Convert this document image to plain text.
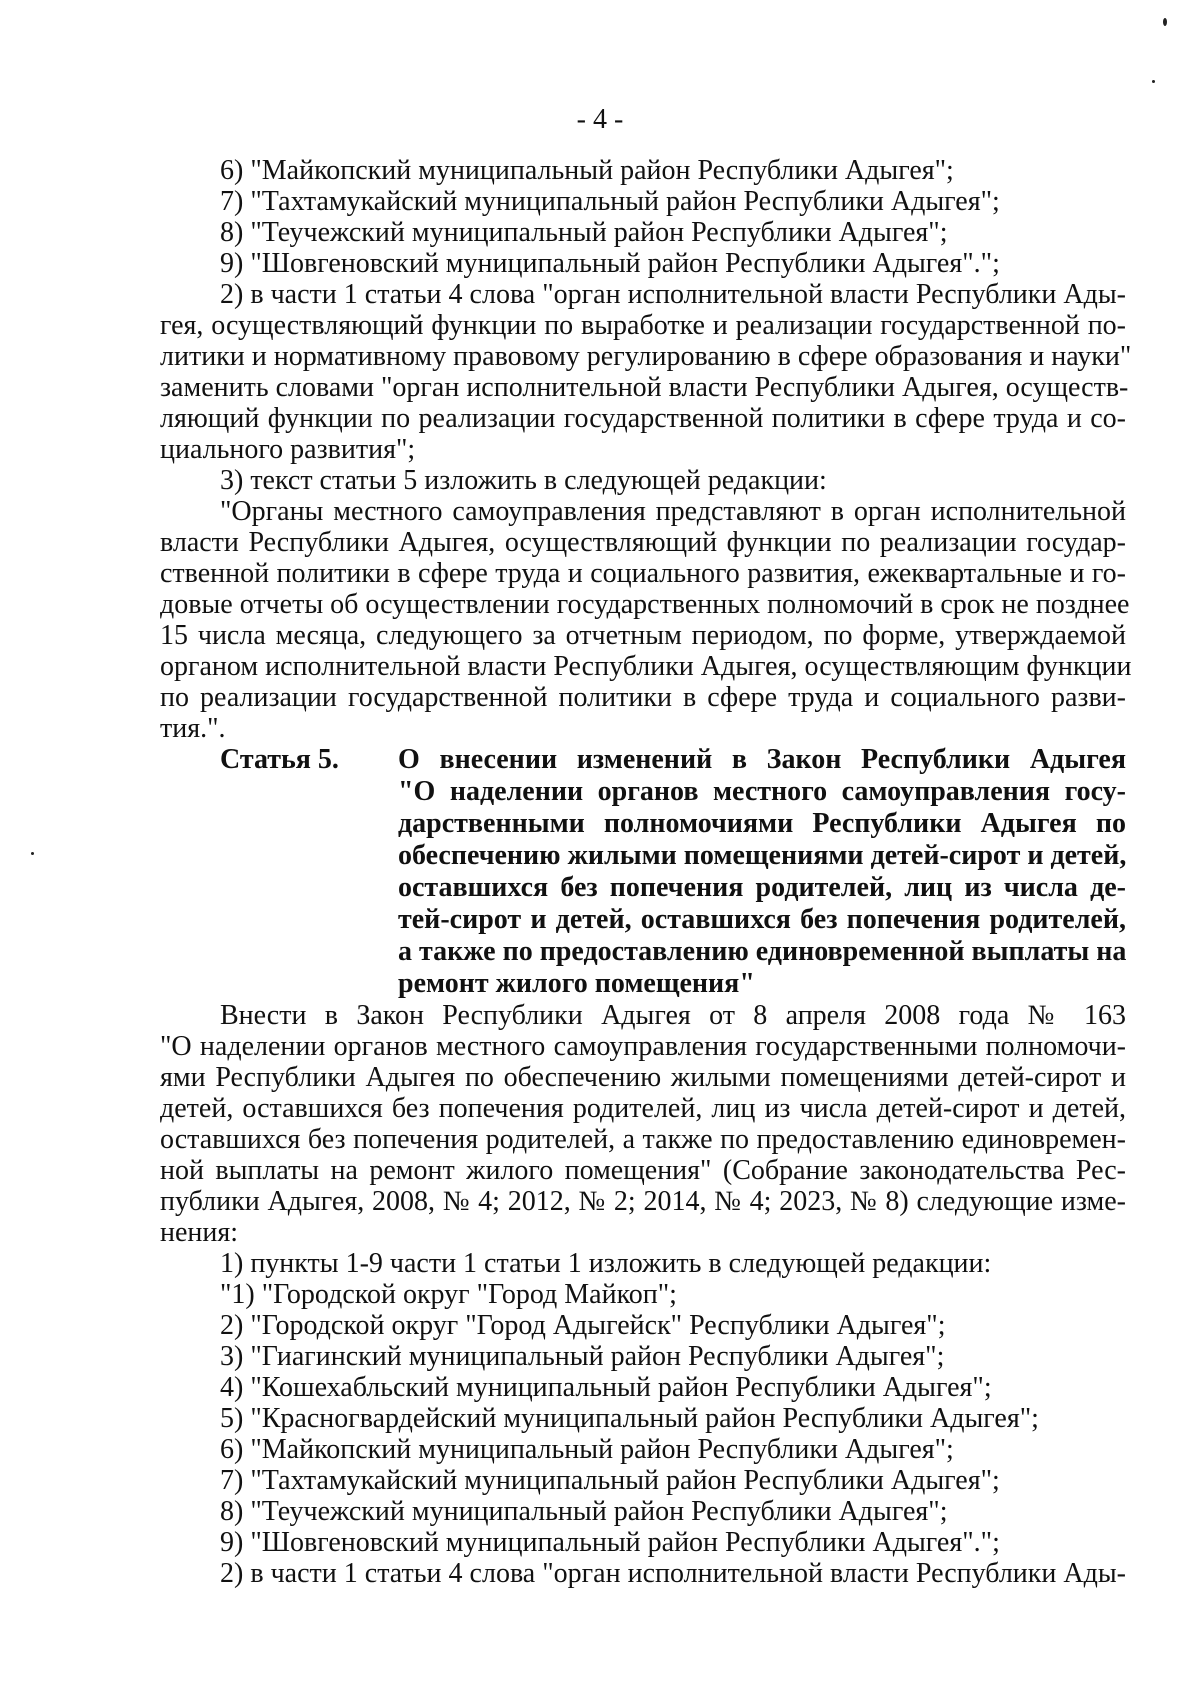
- 4 -
6) "Майкопский муниципальный район Республики Адыгея";
7) "Тахтамукайский муниципальный район Республики Адыгея";
8) "Теучежский муниципальный район Республики Адыгея";
9) "Шовгеновский муниципальный район Республики Адыгея".";
2) в части 1 статьи 4 слова "орган исполнительной власти Республики Ады-
гея, осуществляющий функции по выработке и реализации государственной по-
литики и нормативному правовому регулированию в сфере образования и науки"
заменить словами "орган исполнительной власти Республики Адыгея, осуществ-
ляющий функции по реализации государственной политики в сфере труда и со-
циального развития";
3) текст статьи 5 изложить в следующей редакции:
"Органы местного самоуправления представляют в орган исполнительной
власти Республики Адыгея, осуществляющий функции по реализации государ-
ственной политики в сфере труда и социального развития, ежеквартальные и го-
довые отчеты об осуществлении государственных полномочий в срок не позднее
15 числа месяца, следующего за отчетным периодом, по форме, утверждаемой
органом исполнительной власти Республики Адыгея, осуществляющим функции
по реализации государственной политики в сфере труда и социального разви-
тия.".
Статья 5. О внесении изменений в Закон Республики Адыгея
"О наделении органов местного самоуправления госу-
дарственными полномочиями Республики Адыгея по
обеспечению жилыми помещениями детей-сирот и детей,
оставшихся без попечения родителей, лиц из числа де-
тей-сирот и детей, оставшихся без попечения родителей,
а также по предоставлению единовременной выплаты на
ремонт жилого помещения"
Внести в Закон Республики Адыгея от 8 апреля 2008 года № 163
"О наделении органов местного самоуправления государственными полномочи-
ями Республики Адыгея по обеспечению жилыми помещениями детей-сирот и
детей, оставшихся без попечения родителей, лиц из числа детей-сирот и детей,
оставшихся без попечения родителей, а также по предоставлению единовремен-
ной выплаты на ремонт жилого помещения" (Собрание законодательства Рес-
публики Адыгея, 2008, № 4; 2012, № 2; 2014, № 4; 2023, № 8) следующие изме-
нения:
1) пункты 1-9 части 1 статьи 1 изложить в следующей редакции:
"1) "Городской округ "Город Майкоп";
2) "Городской округ "Город Адыгейск" Республики Адыгея";
3) "Гиагинский муниципальный район Республики Адыгея";
4) "Кошехабльский муниципальный район Республики Адыгея";
5) "Красногвардейский муниципальный район Республики Адыгея";
6) "Майкопский муниципальный район Республики Адыгея";
7) "Тахтамукайский муниципальный район Республики Адыгея";
8) "Теучежский муниципальный район Республики Адыгея";
9) "Шовгеновский муниципальный район Республики Адыгея".";
2) в части 1 статьи 4 слова "орган исполнительной власти Республики Ады-
